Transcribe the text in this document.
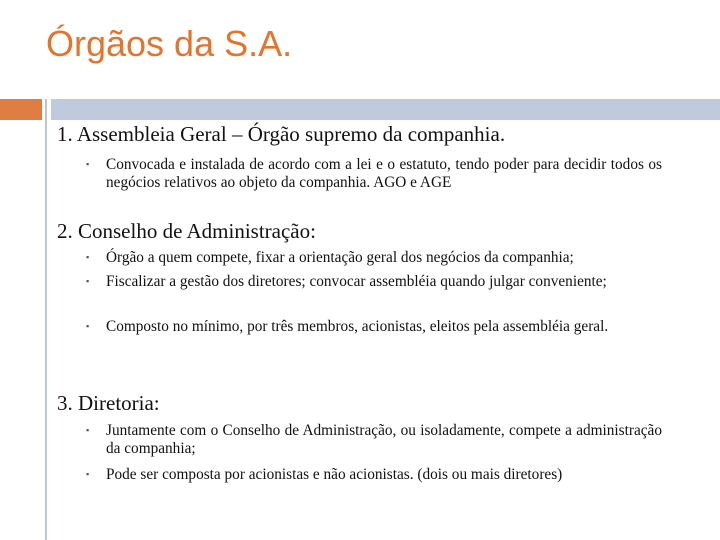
Órgãos da S.A.
1. Assembleia Geral – Órgão supremo da companhia.
▪	Convocada e instalada de acordo com a lei e o estatuto, tendo poder para decidir todos os negócios relativos ao objeto da companhia. AGO e AGE

2. Conselho de Administração:
▪	Órgão a quem compete, fixar a orientação geral dos negócios da companhia;

▪	Fiscalizar a gestão dos diretores; convocar assembléia quando julgar conveniente;

▪	Composto no mínimo, por três membros, acionistas, eleitos pela assembléia geral.

3. Diretoria:
▪	Juntamente com o Conselho de Administração, ou isoladamente, compete a administração da companhia;

▪	Pode ser composta por acionistas e não acionistas. (dois ou mais diretores)
